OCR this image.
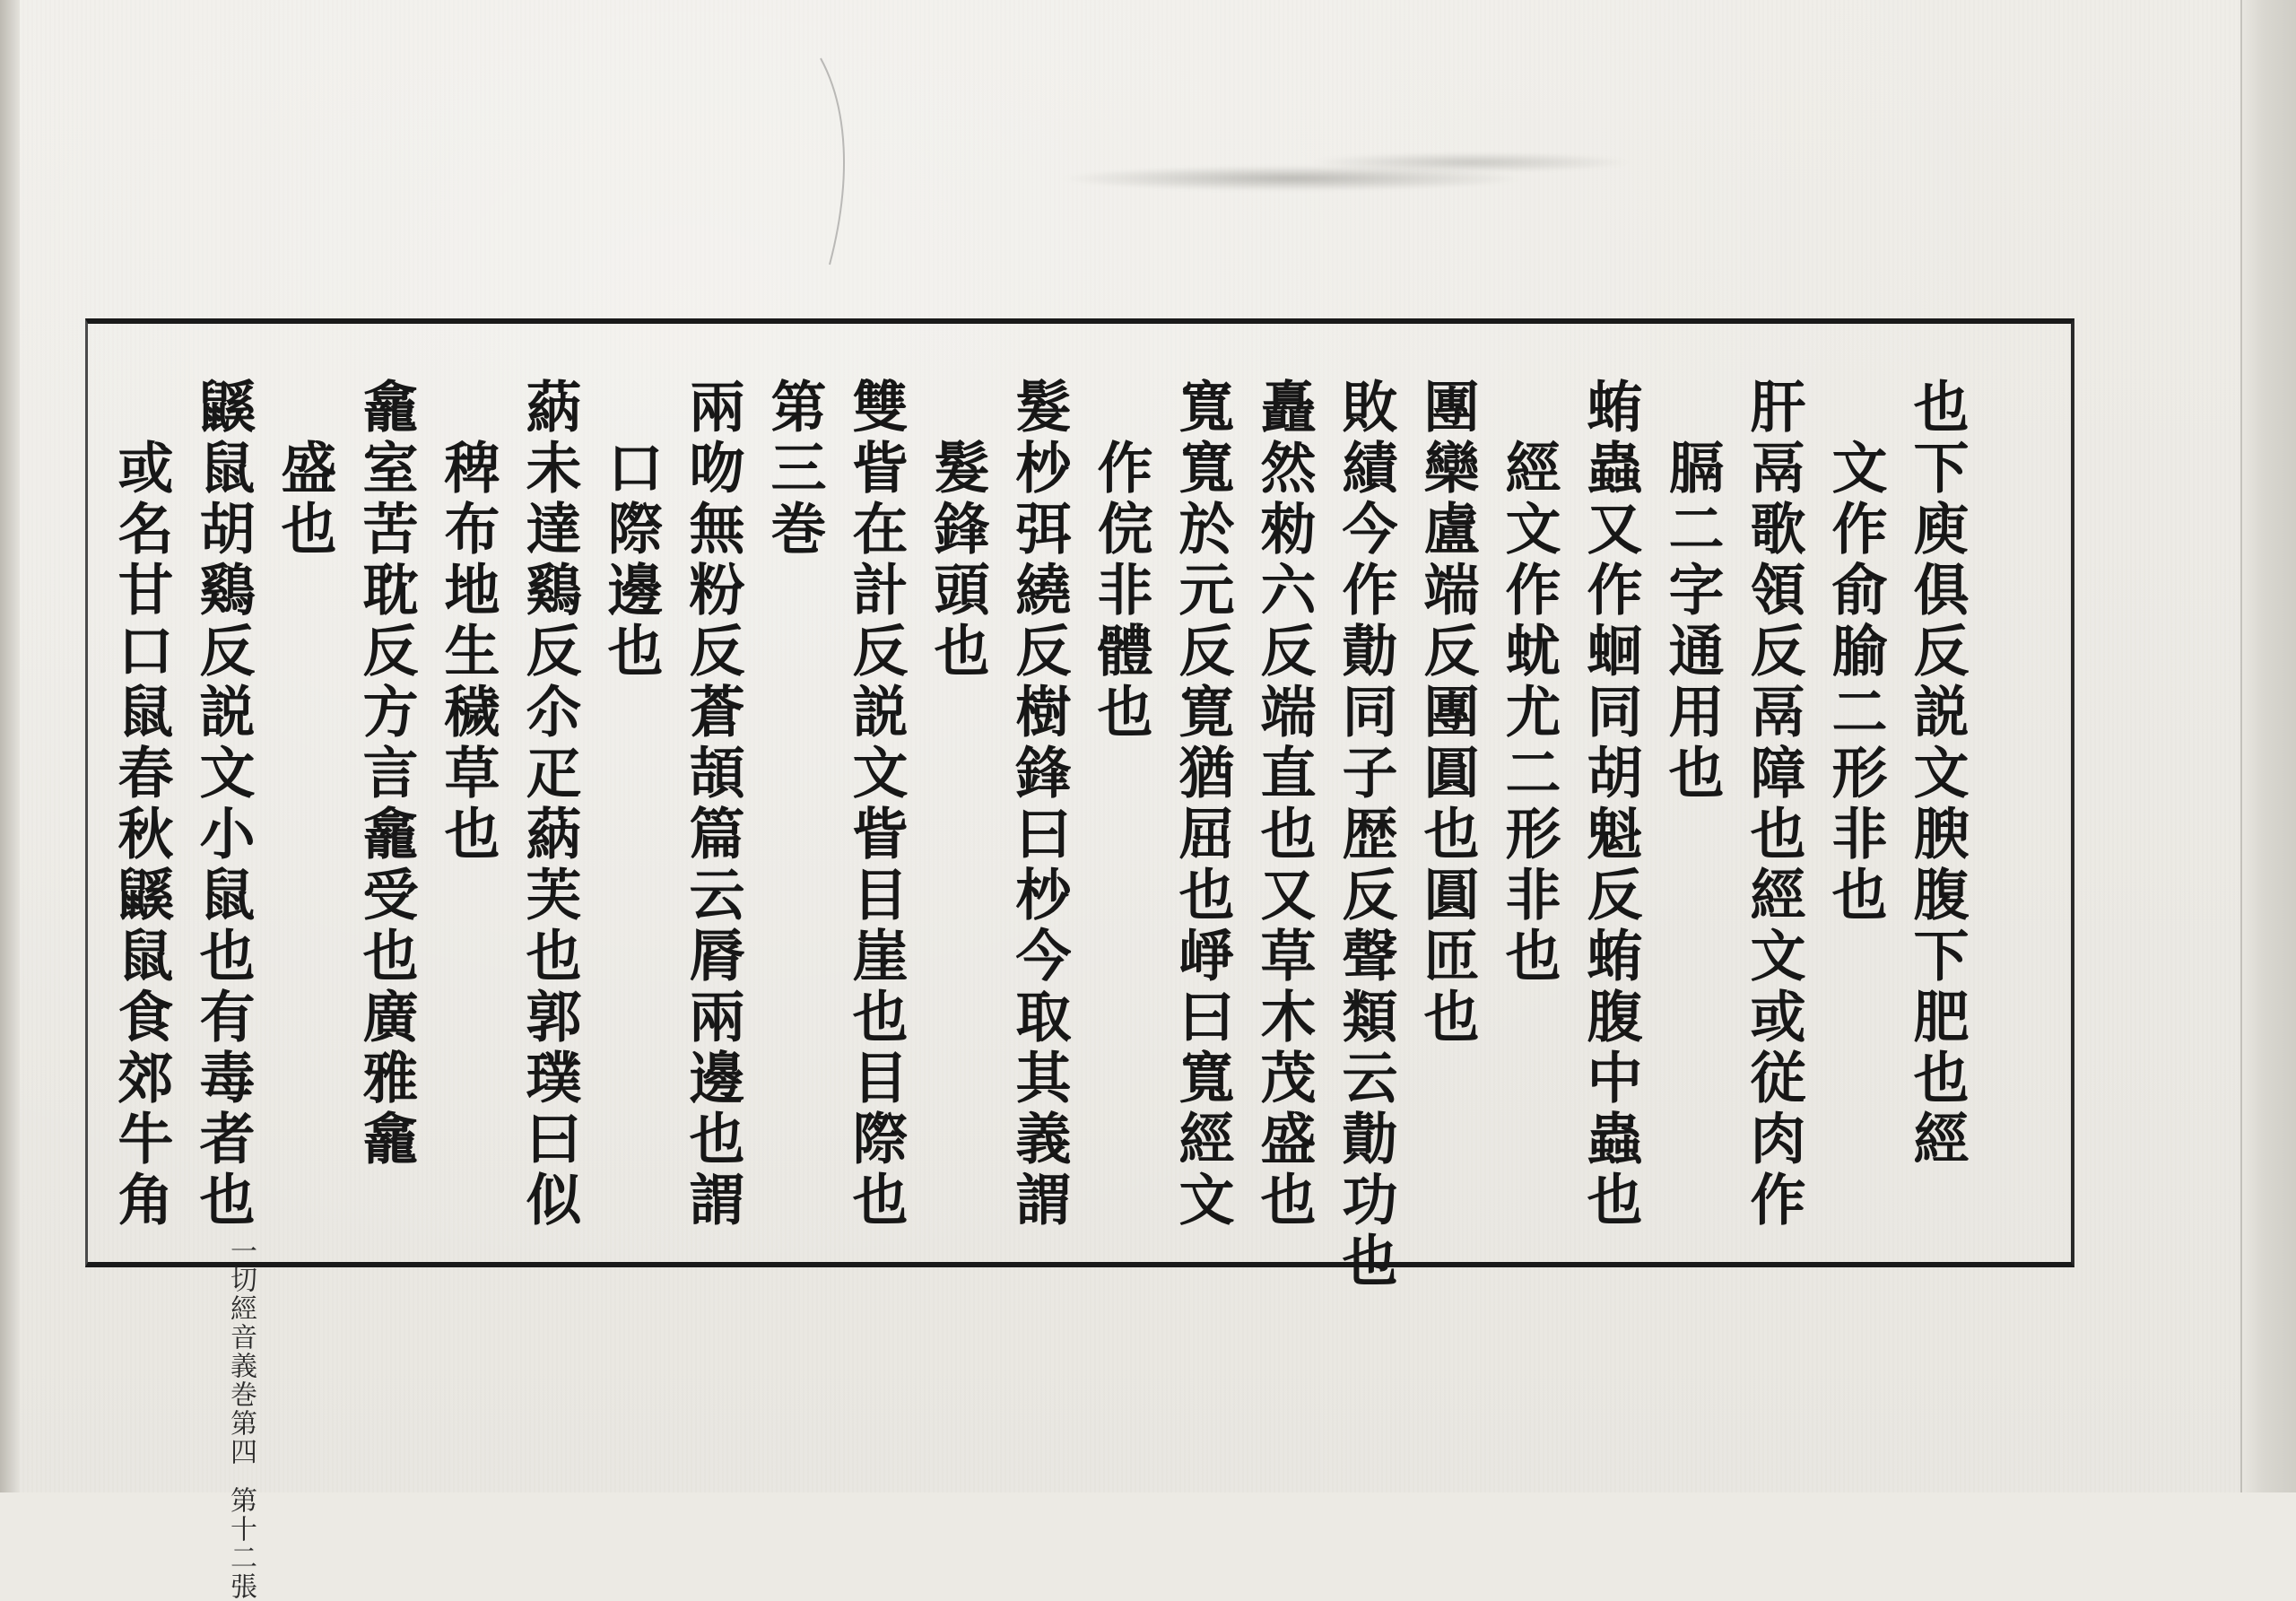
也下庾俱反説文腴腹下肥也經
文作俞腧二形非也
肝鬲歌領反鬲障也經文或従肉作
膈二字通用也
蛕蟲又作蛔同胡魁反蛕腹中蟲也
經文作蚘尤二形非也
團欒盧端反團圓也圓匝也
敗績今作勣同子歴反聲類云勣功也
矗然勑六反端直也又草木茂盛也
寬寬於元反寛猶屈也崢曰寬經文
作俒非體也
髮杪弭繞反樹鋒曰杪今取其義謂
髮鋒頭也
雙眥在計反説文眥目崖也目際也
第三巻
兩吻無粉反蒼頡篇云脣兩邊也謂
口際邊也
蒳未達鷄反尒疋蒳芙也郭璞曰似
稗布地生穢草也
龕室苦耽反方言龕受也廣雅龕
盛也
鼷鼠胡鷄反説文小鼠也有毒者也
或名甘口鼠春秋鼷鼠食郊牛角
一切經音義巻第四
第十二張
